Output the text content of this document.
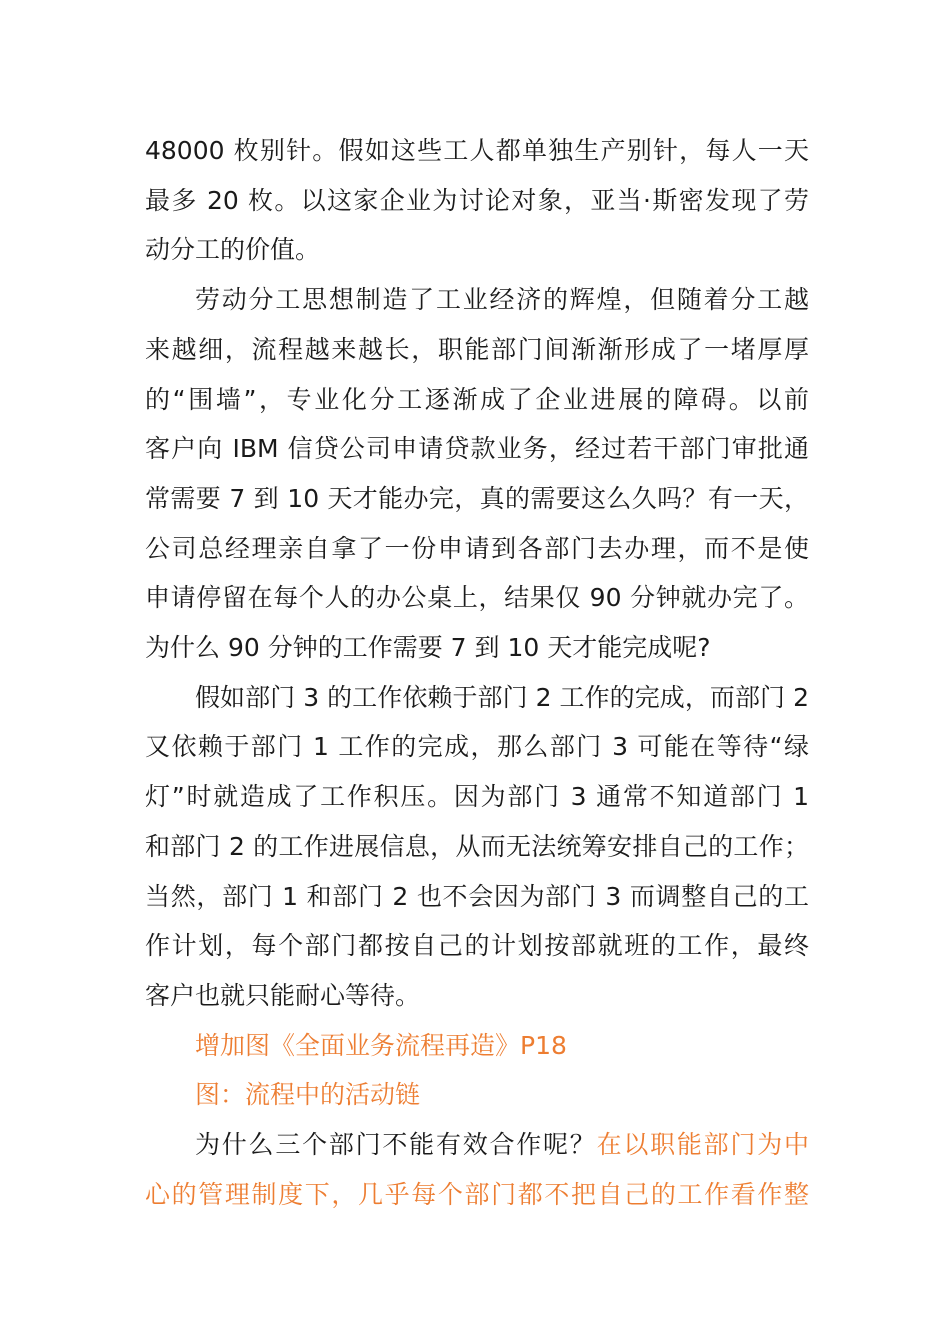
48000 枚别针。假如这些工人都单独生产别针，每人一天
最多 20 枚。以这家企业为讨论对象，亚当·斯密发现了劳
动分工的价值。

劳动分工思想制造了工业经济的辉煌，但随着分工越
来越细，流程越来越长，职能部门间渐渐形成了一堵厚厚
的“围墙”，专业化分工逐渐成了企业进展的障碍。以前
客户向 IBM 信贷公司申请贷款业务，经过若干部门审批通
常需要 7 到 10 天才能办完，真的需要这么久吗？有一天，
公司总经理亲自拿了一份申请到各部门去办理，而不是使
申请停留在每个人的办公桌上，结果仅 90 分钟就办完了。
为什么 90 分钟的工作需要 7 到 10 天才能完成呢?

假如部门 3 的工作依赖于部门 2 工作的完成，而部门 2
又依赖于部门 1 工作的完成，那么部门 3 可能在等待“绿
灯”时就造成了工作积压。因为部门 3 通常不知道部门 1
和部门 2 的工作进展信息，从而无法统筹安排自己的工作；
当然，部门 1 和部门 2 也不会因为部门 3 而调整自己的工
作计划，每个部门都按自己的计划按部就班的工作，最终
客户也就只能耐心等待。

增加图《全面业务流程再造》P18

图：流程中的活动链

为什么三个部门不能有效合作呢？在以职能部门为中
心的管理制度下，几乎每个部门都不把自己的工作看作整
